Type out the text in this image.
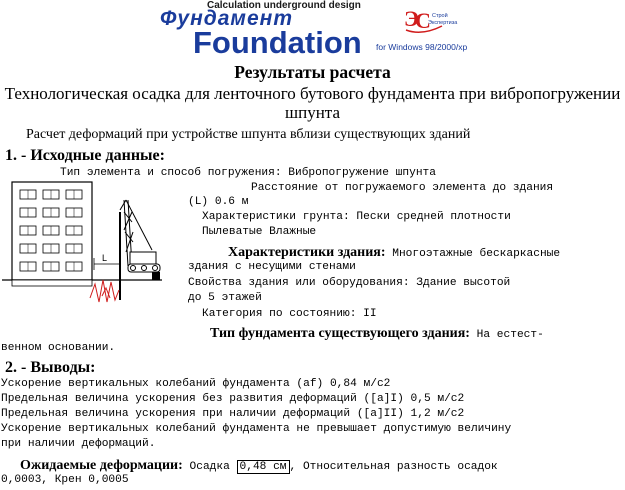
Calculation underground design
Фундамент
Foundation for Windows 98/2000/xp
Э
С Строй
Экспертиза
Результаты расчета
Технологическая осадка для ленточного бутового фундамента при вибропогружении шпунта
Расчет деформаций при устройстве шпунта вблизи существующих зданий
1. - Исходные данные:
L
Тип элемента и способ погружения: Вибропогружение шпунта
Расстояние от погружаемого элемента до здания
(L) 0.6 м
Характеристики грунта: Пески средней плотности
Пылеватые Влажные
Характеристики здания: Многоэтажные бескаркасные
здания с несущими стенами
Свойства здания или оборудования: Здание высотой
до 5 этажей
Категория по состоянию: II
Тип фундамента существующего здания: На естест-
венном основании.
2. - Выводы:
Ускорение вертикальных колебаний фундамента (af) 0,84 м/с2
Предельная величина ускорения без развития деформаций ([a]I) 0,5 м/с2
Предельная величина ускорения при наличии деформаций ([a]II) 1,2 м/с2
Ускорение вертикальных колебаний фундамента не превышает допустимую величину
при наличии деформаций.
Ожидаемые деформации: Осадка 0,48 см , Относительная разность осадок
0,0003, Крен 0,0005
